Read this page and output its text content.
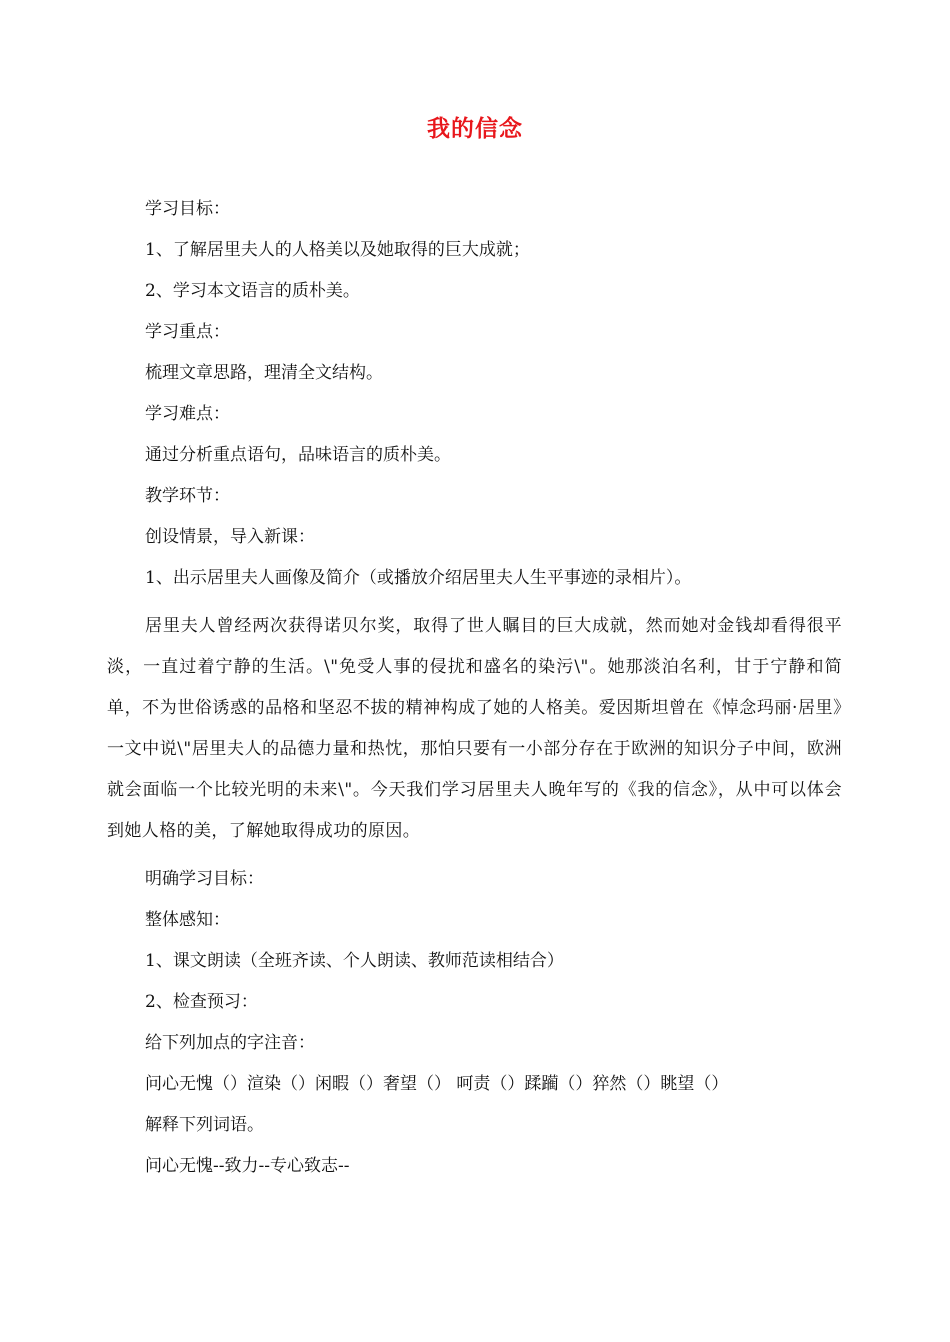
我的信念
学习目标：
1、了解居里夫人的人格美以及她取得的巨大成就；
2、学习本文语言的质朴美。
学习重点：
梳理文章思路，理清全文结构。
学习难点：
通过分析重点语句，品味语言的质朴美。
教学环节：
创设情景，导入新课：
1、出示居里夫人画像及简介（或播放介绍居里夫人生平事迹的录相片）。
居里夫人曾经两次获得诺贝尔奖，取得了世人瞩目的巨大成就，然而她对金钱却看得很平淡，一直过着宁静的生活。\"免受人事的侵扰和盛名的染污\"。她那淡泊名利，甘于宁静和简单，不为世俗诱惑的品格和坚忍不拔的精神构成了她的人格美。爱因斯坦曾在《悼念玛丽·居里》一文中说\"居里夫人的品德力量和热忱，那怕只要有一小部分存在于欧洲的知识分子中间，欧洲就会面临一个比较光明的未来\"。今天我们学习居里夫人晚年写的《我的信念》，从中可以体会到她人格的美，了解她取得成功的原因。
明确学习目标：
整体感知：
1、课文朗读（全班齐读、个人朗读、教师范读相结合）
2、检查预习：
给下列加点的字注音：
问心无愧（）渲染（）闲暇（）奢望（） 呵责（）蹂躏（）猝然（）眺望（）
解释下列词语。
问心无愧--致力--专心致志--
